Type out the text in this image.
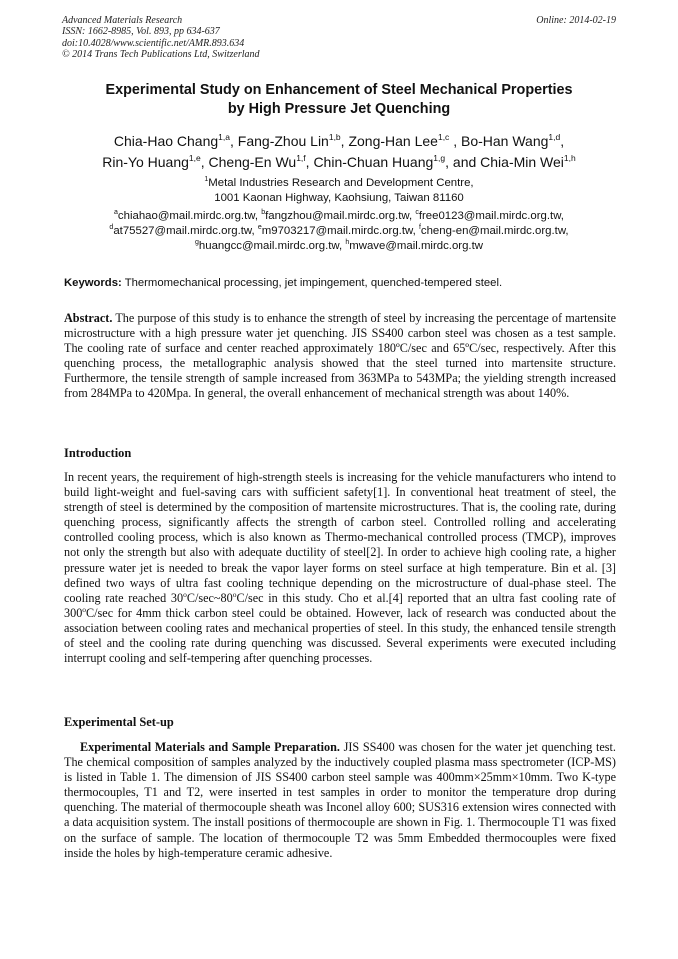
Advanced Materials Research
ISSN: 1662-8985, Vol. 893, pp 634-637
doi:10.4028/www.scientific.net/AMR.893.634
© 2014 Trans Tech Publications Ltd, Switzerland
Online: 2014-02-19
Experimental Study on Enhancement of Steel Mechanical Properties
by High Pressure Jet Quenching
Chia-Hao Chang$^{1,a}$, Fang-Zhou Lin$^{1,b}$, Zong-Han Lee$^{1,c}$ , Bo-Han Wang$^{1,d}$,
Rin-Yo Huang$^{1,e}$, Cheng-En Wu$^{1,f}$, Chin-Chuan Huang$^{1,g}$, and Chia-Min Wei$^{1,h}$
$^1$Metal Industries Research and Development Centre,
1001 Kaonan Highway, Kaohsiung, Taiwan 81160
$^a$chiahao@mail.mirdc.org.tw, $^b$fangzhou@mail.mirdc.org.tw, $^c$free0123@mail.mirdc.org.tw,
$^d$at75527@mail.mirdc.org.tw, $^e$m9703217@mail.mirdc.org.tw, $^f$cheng-en@mail.mirdc.org.tw,
$^g$huangcc@mail.mirdc.org.tw, $^h$mwave@mail.mirdc.org.tw
Keywords: Thermomechanical processing, jet impingement, quenched-tempered steel.
Abstract. The purpose of this study is to enhance the strength of steel by increasing the percentage of martensite microstructure with a high pressure water jet quenching. JIS SS400 carbon steel was chosen as a test sample. The cooling rate of surface and center reached approximately 180ºC/sec and 65ºC/sec, respectively. After this quenching process, the metallographic analysis showed that the steel turned into martensite structure. Furthermore, the tensile strength of sample increased from 363MPa to 543MPa; the yielding strength increased from 284MPa to 420Mpa. In general, the overall enhancement of mechanical strength was about 140%.
Introduction
In recent years, the requirement of high-strength steels is increasing for the vehicle manufacturers who intend to build light-weight and fuel-saving cars with sufficient safety[1]. In conventional heat treatment of steel, the strength of steel is determined by the composition of martensite microstructures. That is, the cooling rate, during quenching process, significantly affects the strength of carbon steel. Controlled rolling and accelerating controlled cooling process, which is also known as Thermo-mechanical controlled process (TMCP), improves not only the strength but also with adequate ductility of steel[2]. In order to achieve high cooling rate, a higher pressure water jet is needed to break the vapor layer forms on steel surface at high temperature. Bin et al. [3] defined two ways of ultra fast cooling technique depending on the microstructure of dual-phase steel. The cooling rate reached 30$^o$C/sec~80$^o$C/sec in this study. Cho et al.[4] reported that an ultra fast cooling rate of 300$^o$C/sec for 4mm thick carbon steel could be obtained. However, lack of research was conducted about the association between cooling rates and mechanical properties of steel. In this study, the enhanced tensile strength of steel and the cooling rate during quenching was discussed. Several experiments were executed including interrupt cooling and self-tempering after quenching processes.
Experimental Set-up
Experimental Materials and Sample Preparation. JIS SS400 was chosen for the water jet quenching test. The chemical composition of samples analyzed by the inductively coupled plasma mass spectrometer (ICP-MS) is listed in Table 1. The dimension of JIS SS400 carbon steel sample was 400mm×25mm×10mm. Two K-type thermocouples, T1 and T2, were inserted in test samples in order to monitor the temperature drop during quenching. The material of thermocouple sheath was Inconel alloy 600; SUS316 extension wires connected with a data acquisition system. The install positions of thermocouple are shown in Fig. 1. Thermocouple T1 was fixed on the surface of sample. The location of thermocouple T2 was 5mm Embedded thermocouples were fixed inside the holes by high-temperature ceramic adhesive.
